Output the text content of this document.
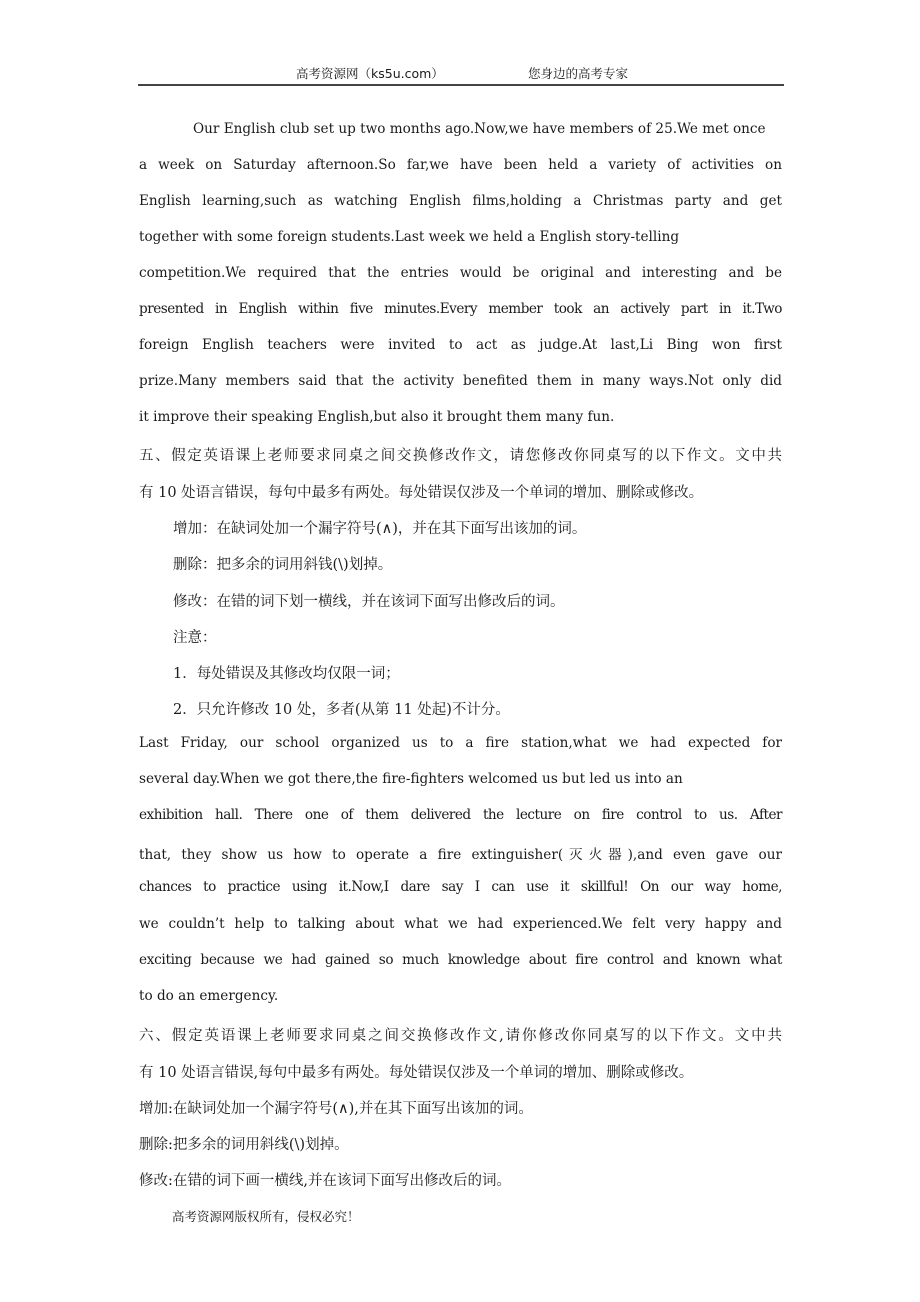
高考资源网（ks5u.com）	您身边的高考专家
Our English club set up two months ago.Now,we have members of 25.We met once
a week on Saturday afternoon.So far,we have been held a variety of activities on
English learning,such as watching English films,holding a Christmas party and get
together with some foreign students.Last week we held a English story-telling
competition.We required that the entries would be original and interesting and be
presented in English within five minutes.Every member took an actively part in it.Two
foreign English teachers were invited to act as judge.At last,Li Bing won first
prize.Many members said that the activity benefited them in many ways.Not only did
it improve their speaking English,but also it brought them many fun.
五、假定英语课上老师要求同桌之间交换修改作文，请您修改你同桌写的以下作文。文中共
有 10 处语言错误，每句中最多有两处。每处错误仅涉及一个单词的增加、删除或修改。
增加：在缺词处加一个漏字符号(∧)，并在其下面写出该加的词。
删除：把多余的词用斜钱(\)划掉。
修改：在错的词下划一横线，并在该词下面写出修改后的词。
注意：
1．每处错误及其修改均仅限一词；
2．只允许修改 10 处，多者(从第 11 处起)不计分。
Last Friday, our school organized us to a fire station,what we had expected for
several day.When we got there,the fire-fighters welcomed us but led us into an
exhibition hall. There one of them delivered the lecture on fire control to us. After
that, they show us how to operate a fire extinguisher(灭火器),and even gave our
chances to practice using it.Now,I dare say I can use it skillful! On our way home,
we couldn’t help to talking about what we had experienced.We felt very happy and
exciting because we had gained so much knowledge about fire control and known what
to do an emergency.
六、假定英语课上老师要求同桌之间交换修改作文,请你修改你同桌写的以下作文。文中共
有 10 处语言错误,每句中最多有两处。每处错误仅涉及一个单词的增加、删除或修改。
增加:在缺词处加一个漏字符号(∧),并在其下面写出该加的词。
删除:把多余的词用斜线(\)划掉。
修改:在错的词下画一横线,并在该词下面写出修改后的词。
高考资源网版权所有，侵权必究！
